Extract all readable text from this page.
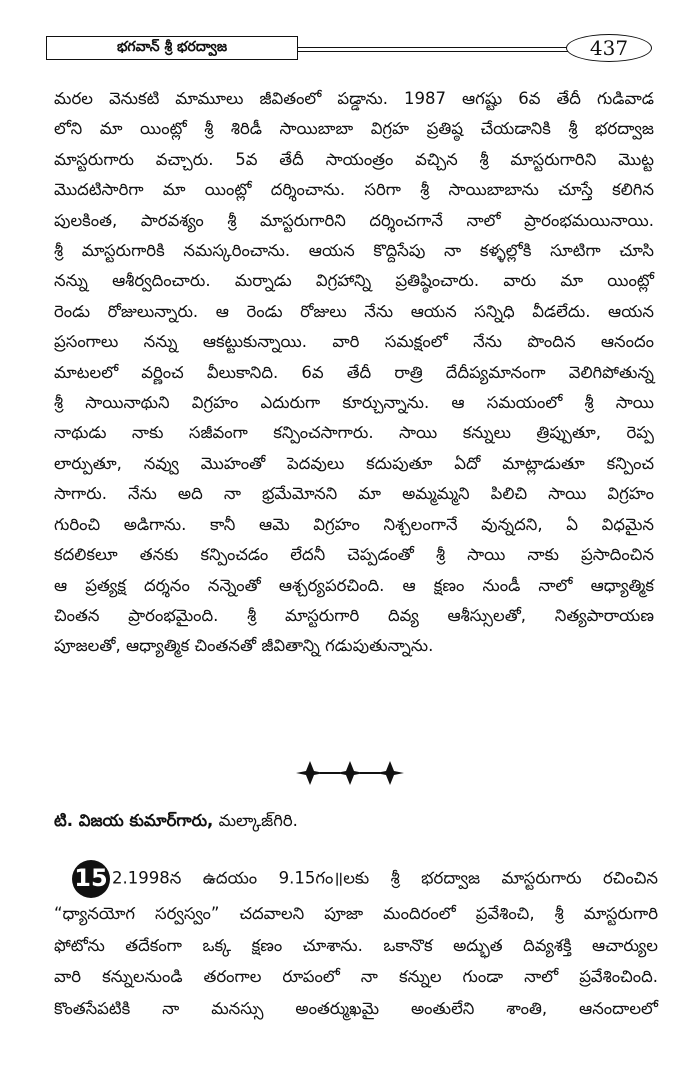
భగవాన్ శ్రీ భరద్వాజ	437
మరల వెనుకటి మామూలు జీవితంలో పడ్డాను. 1987 ఆగష్టు 6వ తేదీ గుడివాడ
లోని మా యింట్లో శ్రీ శిరిడీ సాయిబాబా విగ్రహ ప్రతిష్ఠ చేయడానికి శ్రీ భరద్వాజ
మాస్టరుగారు వచ్చారు. 5వ తేదీ సాయంత్రం వచ్చిన శ్రీ మాస్టరుగారిని మొట్ట
మొదటిసారిగా మా యింట్లో దర్శించాను. సరిగా శ్రీ సాయిబాబాను చూస్తే కలిగిన
పులకింత, పారవశ్యం శ్రీ మాస్టరుగారిని దర్శించగానే నాలో ప్రారంభమయినాయి.
శ్రీ మాస్టరుగారికి నమస్కరించాను. ఆయన కొద్దిసేపు నా కళ్ళల్లోకి సూటిగా చూసి
నన్ను ఆశీర్వదించారు. మర్నాడు విగ్రహాన్ని ప్రతిష్ఠించారు. వారు మా యింట్లో
రెండు రోజులున్నారు. ఆ రెండు రోజులు నేను ఆయన సన్నిధి వీడలేదు. ఆయన
ప్రసంగాలు నన్ను ఆకట్టుకున్నాయి. వారి సమక్షంలో నేను పొందిన ఆనందం
మాటలలో వర్ణించ వీలుకానిది. 6వ తేదీ రాత్రి దేదీప్యమానంగా వెలిగిపోతున్న
శ్రీ సాయినాథుని విగ్రహం ఎదురుగా కూర్చున్నాను. ఆ సమయంలో శ్రీ సాయి
నాథుడు నాకు సజీవంగా కన్పించసాగారు. సాయి కన్నులు త్రిప్పుతూ, రెప్ప
లార్పుతూ, నవ్వు మొహంతో పెదవులు కదుపుతూ ఏదో మాట్లాడుతూ కన్పించ
సాగారు. నేను అది నా భ్రమేమోనని మా అమ్మమ్మని పిలిచి సాయి విగ్రహం
గురించి అడిగాను. కానీ ఆమె విగ్రహం నిశ్చలంగానే వున్నదని, ఏ విధమైన
కదలికలూ తనకు కన్పించడం లేదనీ చెప్పడంతో శ్రీ సాయి నాకు ప్రసాదించిన
ఆ ప్రత్యక్ష దర్శనం నన్నెంతో ఆశ్చర్యపరచింది. ఆ క్షణం నుండీ నాలో ఆధ్యాత్మిక
చింతన ప్రారంభమైంది. శ్రీ మాస్టరుగారి దివ్య ఆశీస్సులతో, నిత్యపారాయణ
పూజలతో, ఆధ్యాత్మిక చింతనతో జీవితాన్ని గడుపుతున్నాను.
టి. విజయ కుమార్‌గారు, మల్కాజ్‌గిరి.
15 2.1998న ఉదయం 9.15గం॥లకు శ్రీ భరద్వాజ మాస్టరుగారు రచించిన
“ధ్యానయోగ సర్వస్వం” చదవాలని పూజా మందిరంలో ప్రవేశించి, శ్రీ మాస్టరుగారి
ఫోటోను తదేకంగా ఒక్క క్షణం చూశాను. ఒకానొక అద్భుత దివ్యశక్తి ఆచార్యుల
వారి కన్నులనుండి తరంగాల రూపంలో నా కన్నుల గుండా నాలో ప్రవేశించింది.
కొంతసేపటికి నా మనస్సు అంతర్ముఖమై అంతులేని శాంతి, ఆనందాలలో
